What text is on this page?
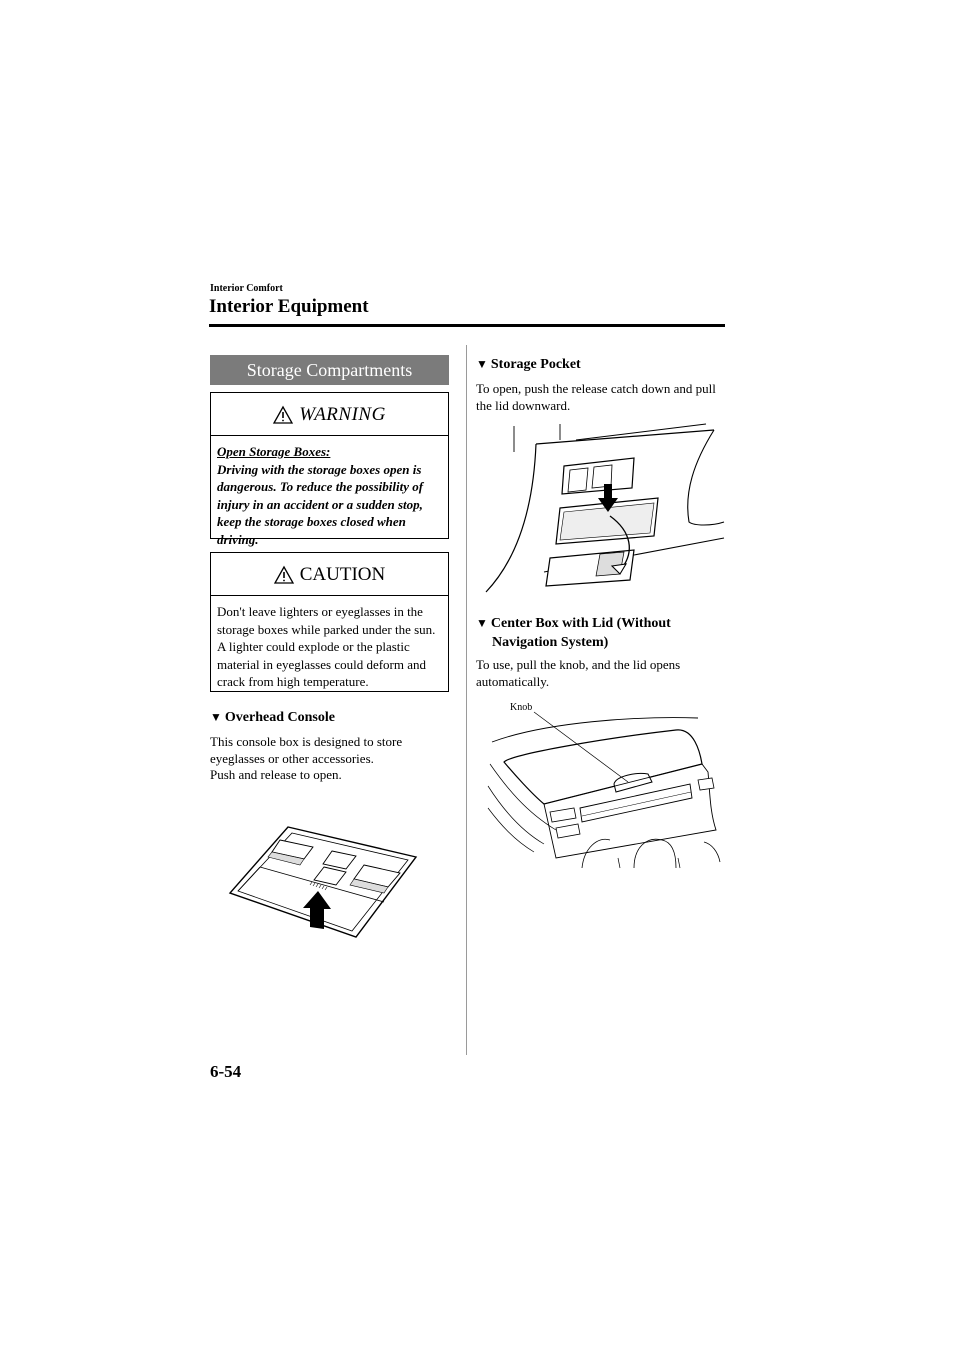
Interior Comfort
Interior Equipment
Storage Compartments
WARNING
Open Storage Boxes:
Driving with the storage boxes open is dangerous. To reduce the possibility of injury in an accident or a sudden stop, keep the storage boxes closed when driving.
CAUTION
Don't leave lighters or eyeglasses in the storage boxes while parked under the sun. A lighter could explode or the plastic material in eyeglasses could deform and crack from high temperature.
▼ Overhead Console
This console box is designed to store
eyeglasses or other accessories.
Push and release to open.
▼ Storage Pocket
To open, push the release catch down and pull the lid downward.
▼ Center Box with Lid (Without
Navigation System)
To use, pull the knob, and the lid opens automatically.
Knob
6-54
